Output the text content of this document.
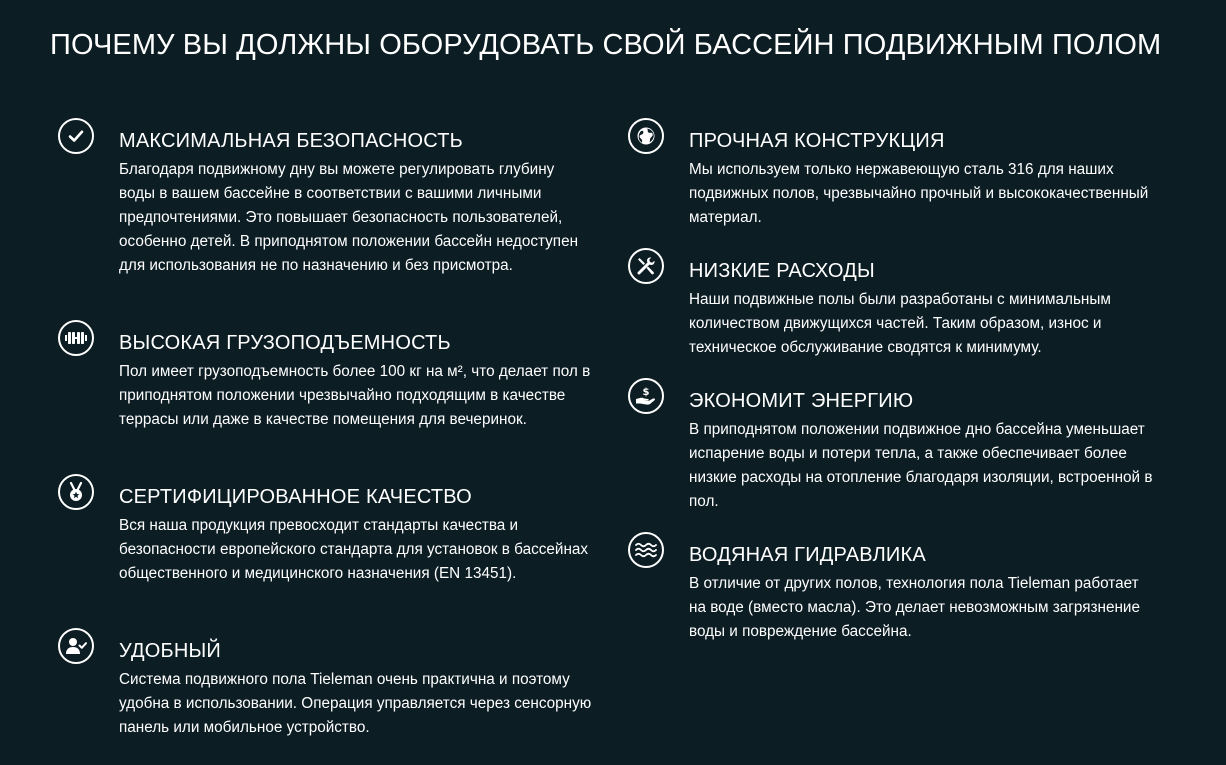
ПОЧЕМУ ВЫ ДОЛЖНЫ ОБОРУДОВАТЬ СВОЙ БАССЕЙН ПОДВИЖНЫМ ПОЛОМ
МАКСИМАЛЬНАЯ БЕЗОПАСНОСТЬ

Благодаря подвижному дну вы можете регулировать глубину воды в вашем бассейне в соответствии с вашими личными предпочтениями. Это повышает безопасность пользователей, особенно детей. В приподнятом положении бассейн недоступен для использования не по назначению и без присмотра.

ВЫСОКАЯ ГРУЗОПОДЪЕМНОСТЬ

Пол имеет грузоподъемность более 100 кг на м², что делает пол в приподнятом положении чрезвычайно подходящим в качестве террасы или даже в качестве помещения для вечеринок.

СЕРТИФИЦИРОВАННОЕ КАЧЕСТВО

Вся наша продукция превосходит стандарты качества и безопасности европейского стандарта для установок в бассейнах общественного и медицинского назначения (EN 13451).

УДОБНЫЙ

Система подвижного пола Tieleman очень практична и поэтому удобна в использовании. Операция управляется через сенсорную панель или мобильное устройство.

ПРОЧНАЯ КОНСТРУКЦИЯ

Мы используем только нержавеющую сталь 316 для наших подвижных полов, чрезвычайно прочный и высококачественный материал.

НИЗКИЕ РАСХОДЫ

Наши подвижные полы были разработаны с минимальным количеством движущихся частей. Таким образом, износ и техническое обслуживание сводятся к минимуму.

$ ЭКОНОМИТ ЭНЕРГИЮ

В приподнятом положении подвижное дно бассейна уменьшает испарение воды и потери тепла, а также обеспечивает более низкие расходы на отопление благодаря изоляции, встроенной в пол.

ВОДЯНАЯ ГИДРАВЛИКА

В отличие от других полов, технология пола Tieleman работает на воде (вместо масла). Это делает невозможным загрязнение воды и повреждение бассейна.
